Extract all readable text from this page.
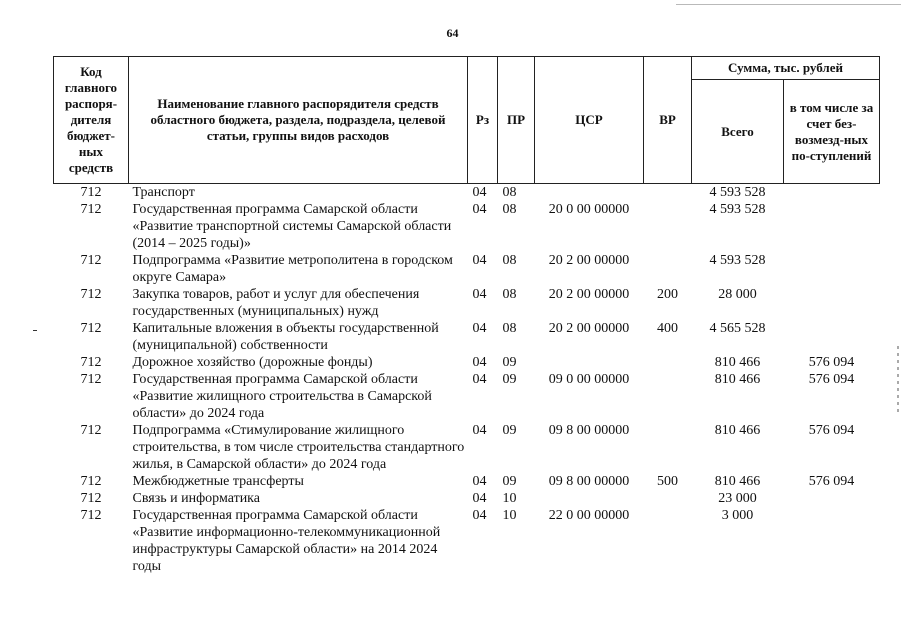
64
Код главного распоря-дителя бюджет-ных средств	Наименование главного распорядителя средств областного бюджета, раздела, подраздела, целевой статьи, группы видов расходов	Рз	ПР	ЦСР	ВР	Сумма, тыс. рублей	
						Всего	в том числе за счет без-возмезд-ных по-ступлений
712	Транспорт	04	08			4 593 528	
712	Государственная программа Самарской области «Развитие транспортной системы Самарской области (2014 – 2025 годы)»	04	08	20 0 00 00000		4 593 528	
712	Подпрограмма «Развитие метрополитена в городском округе Самара»	04	08	20 2 00 00000		4 593 528	
712	Закупка товаров, работ и услуг для обеспечения государственных (муниципальных) нужд	04	08	20 2 00 00000	200	28 000	
712	Капитальные вложения в объекты государственной (муниципальной) собственности	04	08	20 2 00 00000	400	4 565 528	
712	Дорожное хозяйство (дорожные фонды)	04	09			810 466	576 094
712	Государственная программа Самарской области «Развитие жилищного строительства в Самарской области» до 2024 года	04	09	09 0 00 00000		810 466	576 094
712	Подпрограмма «Стимулирование жилищного строительства, в том числе строительства стандартного жилья, в Самарской области» до 2024 года	04	09	09 8 00 00000		810 466	576 094
712	Межбюджетные трансферты	04	09	09 8 00 00000	500	810 466	576 094
712	Связь и информатика	04	10			23 000	
712	Государственная программа Самарской области «Развитие информационно-телекоммуникационной инфраструктуры Самарской области» на 2014 2024 годы	04	10	22 0 00 00000		3 000	
